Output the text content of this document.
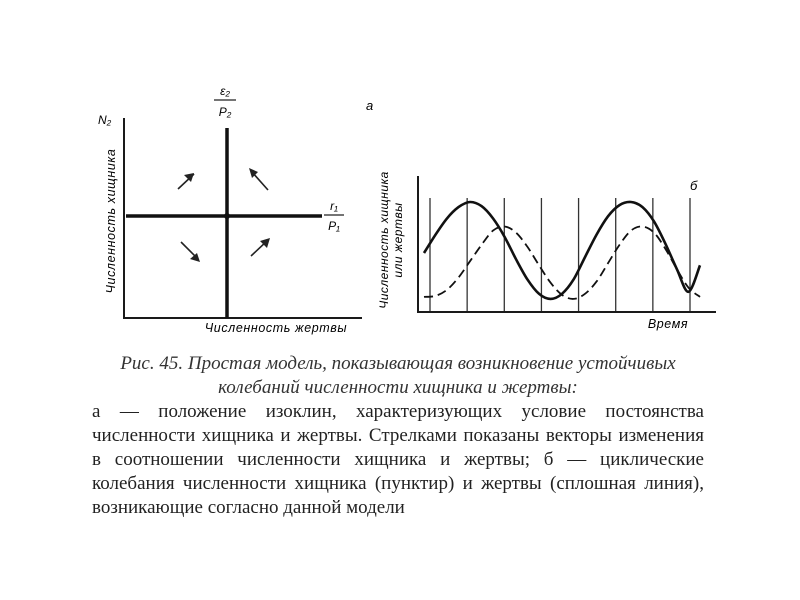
а
N₂
Численность хищника
Численность жертвы
ε₂
P₂
r₁
P₁
б
Численность хищника или жертвы
Время
Рис. 45. Простая модель, показывающая возникновение устойчивых
колебаний численности хищника и жертвы:
а — положение изоклин, характеризующих условие постоянства численности хищника и жертвы. Стрелками показаны векторы изменения в соотношении численности хищника и жертвы; б — циклические колебания численности хищника (пунктир) и жертвы (сплошная линия), возникающие согласно данной модели
